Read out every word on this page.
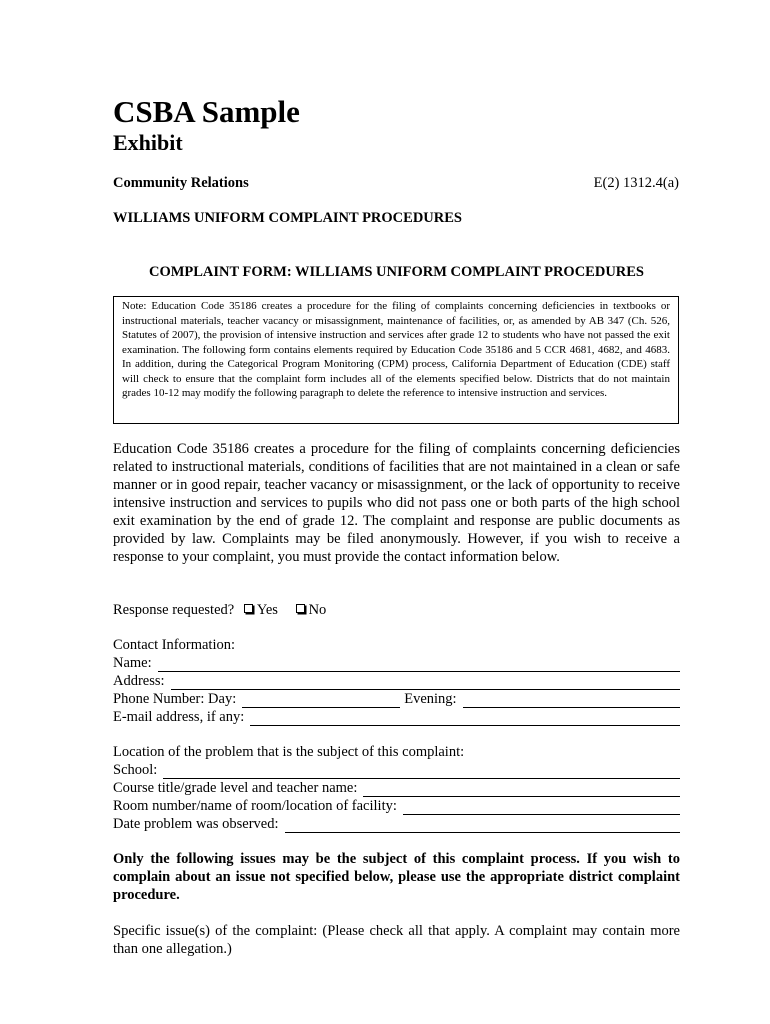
CSBA Sample
Exhibit
Community Relations	E(2) 1312.4(a)
WILLIAMS UNIFORM COMPLAINT PROCEDURES
COMPLAINT FORM: WILLIAMS UNIFORM COMPLAINT PROCEDURES
Note: Education Code 35186 creates a procedure for the filing of complaints concerning deficiencies in textbooks or instructional materials, teacher vacancy or misassignment, maintenance of facilities, or, as amended by AB 347 (Ch. 526, Statutes of 2007), the provision of intensive instruction and services after grade 12 to students who have not passed the exit examination. The following form contains elements required by Education Code 35186 and 5 CCR 4681, 4682, and 4683. In addition, during the Categorical Program Monitoring (CPM) process, California Department of Education (CDE) staff will check to ensure that the complaint form includes all of the elements specified below. Districts that do not maintain grades 10-12 may modify the following paragraph to delete the reference to intensive instruction and services.
Education Code 35186 creates a procedure for the filing of complaints concerning deficiencies related to instructional materials, conditions of facilities that are not maintained in a clean or safe manner or in good repair, teacher vacancy or misassignment, or the lack of opportunity to receive intensive instruction and services to pupils who did not pass one or both parts of the high school exit examination by the end of grade 12. The complaint and response are public documents as provided by law. Complaints may be filed anonymously. However, if you wish to receive a response to your complaint, you must provide the contact information below.
Response requested? Yes No
Contact Information:
Name:
Address:
Phone Number: Day:	Evening:
E-mail address, if any:
Location of the problem that is the subject of this complaint:
School:
Course title/grade level and teacher name:
Room number/name of room/location of facility:
Date problem was observed:
Only the following issues may be the subject of this complaint process. If you wish to complain about an issue not specified below, please use the appropriate district complaint procedure.
Specific issue(s) of the complaint: (Please check all that apply. A complaint may contain more than one allegation.)
